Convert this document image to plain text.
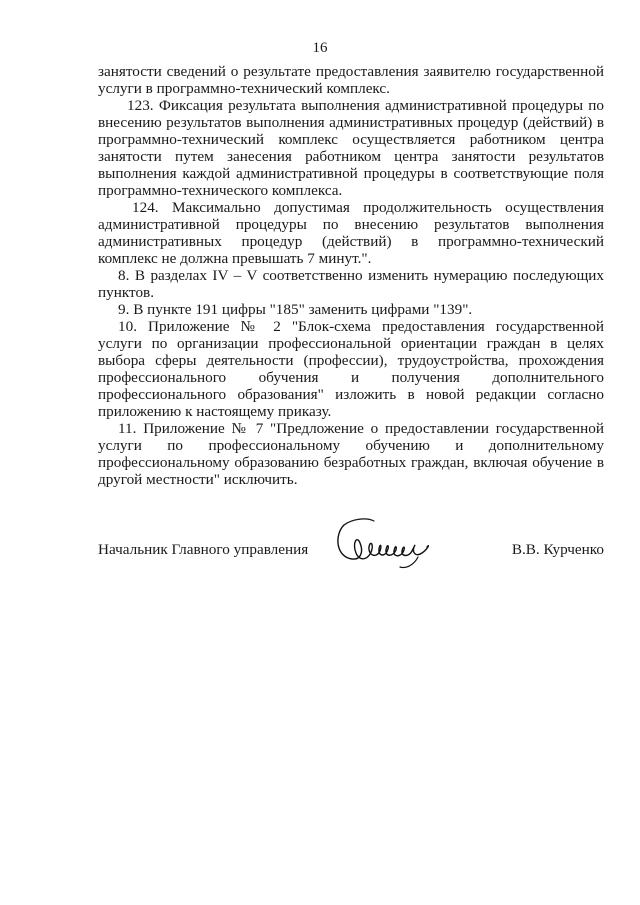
16
занятости сведений о результате предоставления заявителю государственной
услуги в программно-технический комплекс.
123. Фиксация результата выполнения административной процедуры по
внесению результатов выполнения административных процедур (действий) в
программно-технический комплекс осуществляется работником центра
занятости путем занесения работником центра занятости результатов
выполнения каждой административной процедуры в соответствующие поля
программно-технического комплекса.
124. Максимально допустимая продолжительность осуществления
административной процедуры по внесению результатов выполнения
административных процедур (действий) в программно-технический
комплекс не должна превышать 7 минут.".
8. В разделах IV – V соответственно изменить нумерацию последующих
пунктов.
9. В пункте 191 цифры "185" заменить цифрами "139".
10. Приложение № 2 "Блок-схема предоставления государственной
услуги по организации профессиональной ориентации граждан в целях
выбора сферы деятельности (профессии), трудоустройства, прохождения
профессионального обучения и получения дополнительного
профессионального образования" изложить в новой редакции согласно
приложению к настоящему приказу.
11. Приложение № 7 "Предложение о предоставлении государственной
услуги по профессиональному обучению и дополнительному
профессиональному образованию безработных граждан, включая обучение в
другой местности" исключить.
Начальник Главного управления	В.В. Курченко
